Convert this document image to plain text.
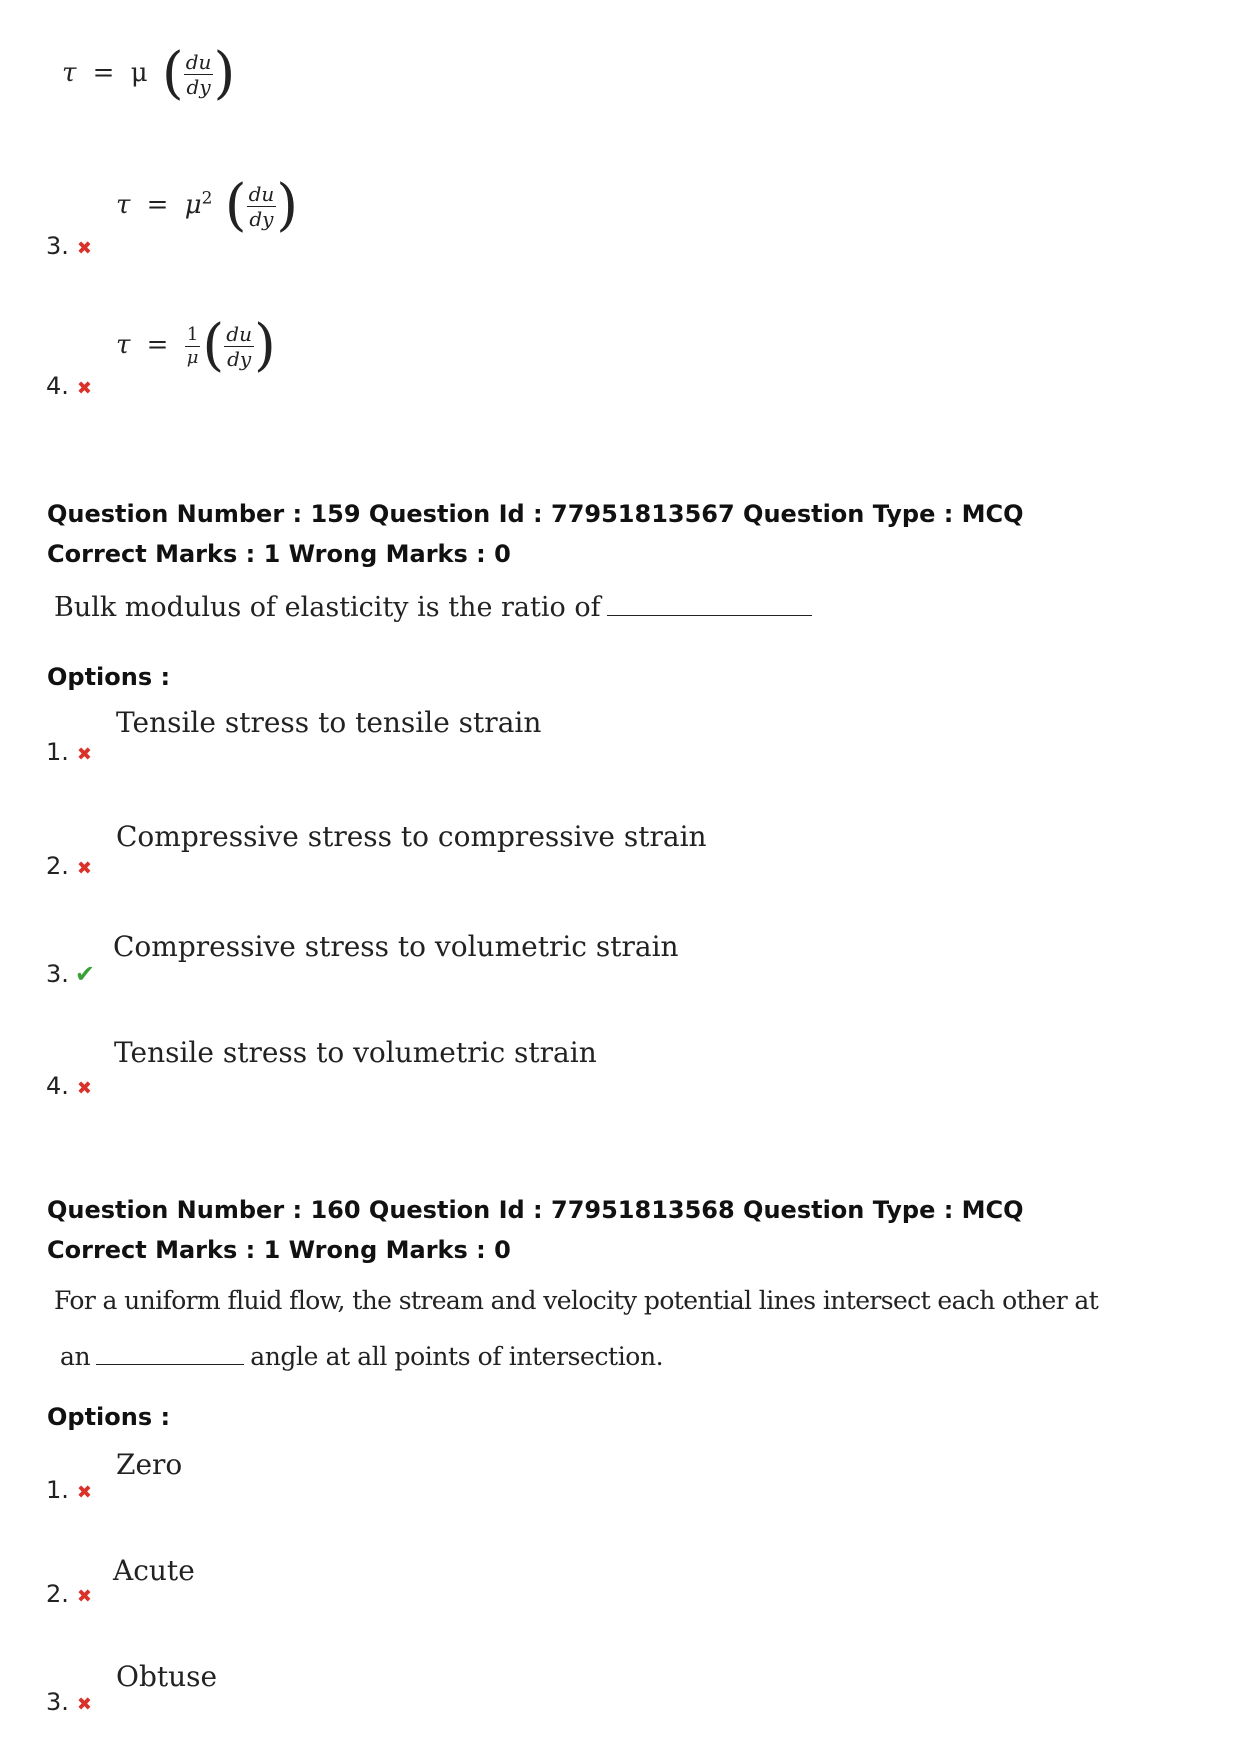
τ = μ ( $\frac{du}{dy}$ )
3. ✖
$\tau = \mu^2$ ( $\frac{du}{dy}$ )
4. ✖
$\tau = \frac{1}{\mu}$ ( $\frac{du}{dy}$ )
Question Number : 159 Question Id : 77951813567 Question Type : MCQ
Correct Marks : 1 Wrong Marks : 0
Bulk modulus of elasticity is the ratio of
Options :
1. ✖
Tensile stress to tensile strain
2. ✖
Compressive stress to compressive strain
3. ✔
Compressive stress to volumetric strain
4. ✖
Tensile stress to volumetric strain
Question Number : 160 Question Id : 77951813568 Question Type : MCQ
Correct Marks : 1 Wrong Marks : 0
For a uniform fluid flow, the stream and velocity potential lines intersect each other at
an	angle at all points of intersection.
Options :
1. ✖
Zero
2. ✖
Acute
3. ✖
Obtuse
